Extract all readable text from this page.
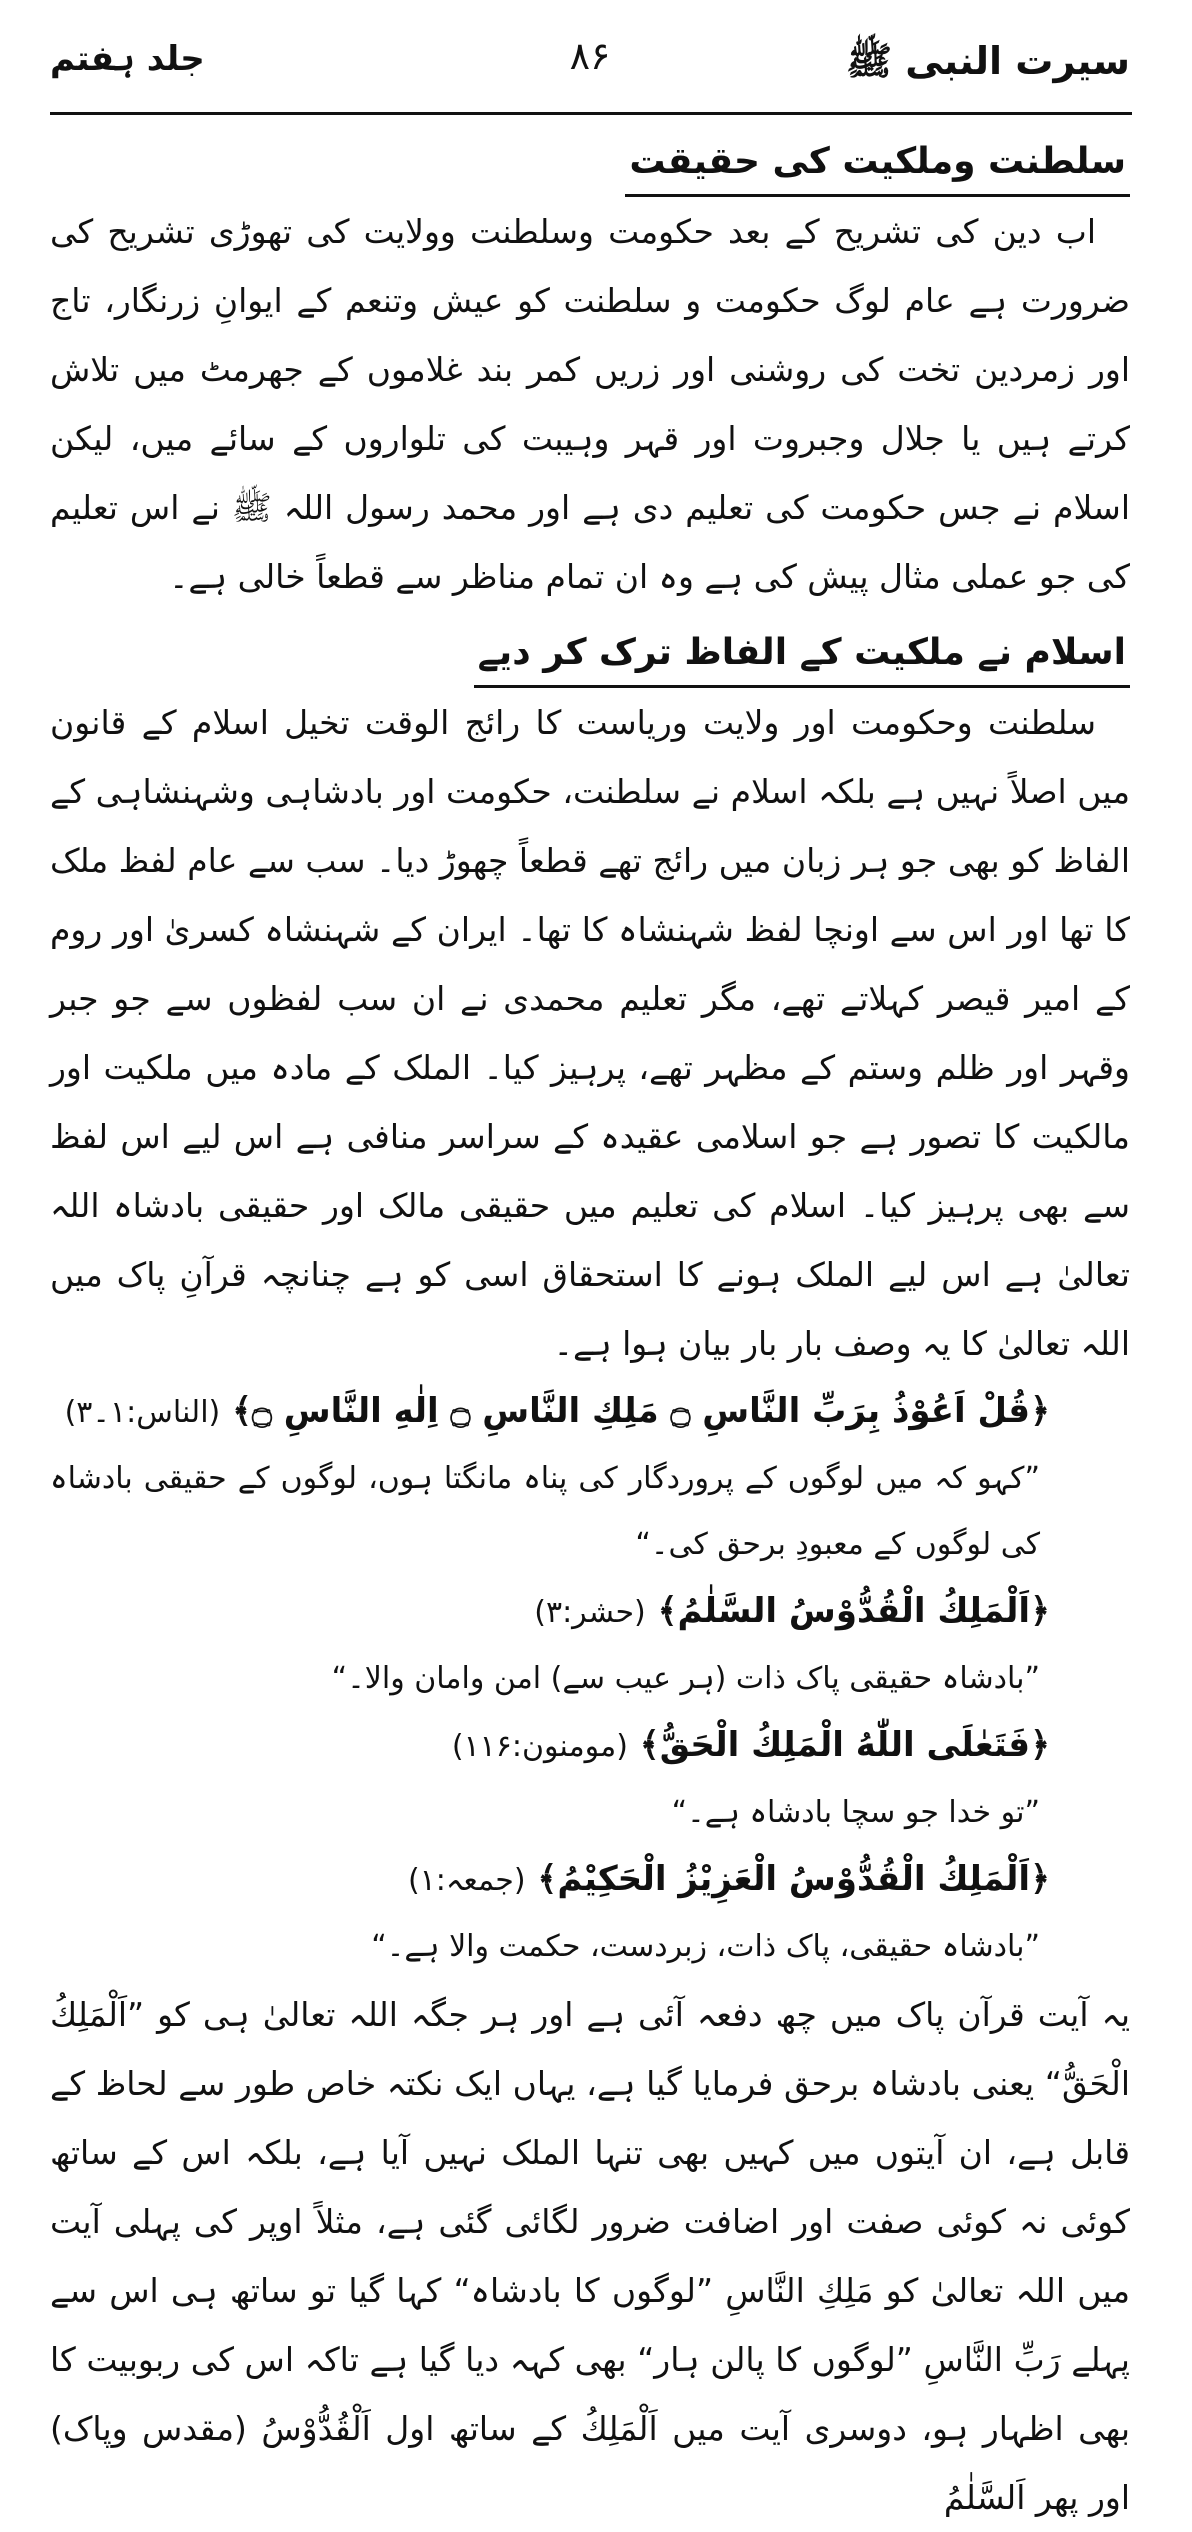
سیرت النبی ﷺ
۸۶
جلد ہفتم
سلطنت وملکیت کی حقیقت

اب دین کی تشریح کے بعد حکومت وسلطنت وولایت کی تھوڑی تشریح کی ضرورت ہے عام لوگ حکومت و سلطنت کو عیش وتنعم کے ایوانِ زرنگار، تاج اور زمردین تخت کی روشنی اور زریں کمر بند غلاموں کے جھرمٹ میں تلاش کرتے ہیں یا جلال وجبروت اور قہر وہیبت کی تلواروں کے سائے میں، لیکن اسلام نے جس حکومت کی تعلیم دی ہے اور محمد رسول اللہ ﷺ نے اس تعلیم کی جو عملی مثال پیش کی ہے وہ ان تمام مناظر سے قطعاً خالی ہے۔

اسلام نے ملکیت کے الفاظ ترک کر دیے

سلطنت وحکومت اور ولایت وریاست کا رائج الوقت تخیل اسلام کے قانون میں اصلاً نہیں ہے بلکہ اسلام نے سلطنت، حکومت اور بادشاہی وشہنشاہی کے الفاظ کو بھی جو ہر زبان میں رائج تھے قطعاً چھوڑ دیا۔ سب سے عام لفظ ملک کا تھا اور اس سے اونچا لفظ شہنشاہ کا تھا۔ ایران کے شہنشاہ کسریٰ اور روم کے امیر قیصر کہلاتے تھے، مگر تعلیم محمدی نے ان سب لفظوں سے جو جبر وقہر اور ظلم وستم کے مظہر تھے، پرہیز کیا۔ الملک کے مادہ میں ملکیت اور مالکیت کا تصور ہے جو اسلامی عقیدہ کے سراسر منافی ہے اس لیے اس لفظ سے بھی پرہیز کیا۔ اسلام کی تعلیم میں حقیقی مالک اور حقیقی بادشاہ اللہ تعالیٰ ہے اس لیے الملک ہونے کا استحقاق اسی کو ہے چنانچہ قرآنِ پاک میں اللہ تعالیٰ کا یہ وصف بار بار بیان ہوا ہے۔

﴿قُلْ اَعُوْذُ بِرَبِّ النَّاسِ ۝ مَلِكِ النَّاسِ ۝ اِلٰهِ النَّاسِ ۝﴾ (الناس:۱۔۳)

”کہو کہ میں لوگوں کے پروردگار کی پناہ مانگتا ہوں، لوگوں کے حقیقی بادشاہ کی لوگوں کے معبودِ برحق کی۔“

﴿اَلْمَلِكُ الْقُدُّوْسُ السَّلٰمُ﴾ (حشر:۳)

”بادشاہ حقیقی پاک ذات (ہر عیب سے) امن وامان والا۔“

﴿فَتَعٰلَى اللّٰهُ الْمَلِكُ الْحَقُّ﴾ (مومنون:۱۱۶)

”تو خدا جو سچا بادشاہ ہے۔“

﴿اَلْمَلِكُ الْقُدُّوْسُ الْعَزِيْزُ الْحَكِيْمُ﴾ (جمعہ:۱)

”بادشاہ حقیقی، پاک ذات، زبردست، حکمت والا ہے۔“

یہ آیت قرآن پاک میں چھ دفعہ آئی ہے اور ہر جگہ اللہ تعالیٰ ہی کو ”اَلْمَلِكُ الْحَقُّ“ یعنی بادشاہ برحق فرمایا گیا ہے، یہاں ایک نکتہ خاص طور سے لحاظ کے قابل ہے، ان آیتوں میں کہیں بھی تنہا الملک نہیں آیا ہے، بلکہ اس کے ساتھ کوئی نہ کوئی صفت اور اضافت ضرور لگائی گئی ہے، مثلاً اوپر کی پہلی آیت میں اللہ تعالیٰ کو مَلِكِ النَّاسِ ”لوگوں کا بادشاہ“ کہا گیا تو ساتھ ہی اس سے پہلے رَبِّ النَّاسِ ”لوگوں کا پالن ہار“ بھی کہہ دیا گیا ہے تاکہ اس کی ربوبیت کا بھی اظہار ہو، دوسری آیت میں اَلْمَلِكُ کے ساتھ اول اَلْقُدُّوْسُ (مقدس وپاک) اور پھر اَلسَّلٰمُ
